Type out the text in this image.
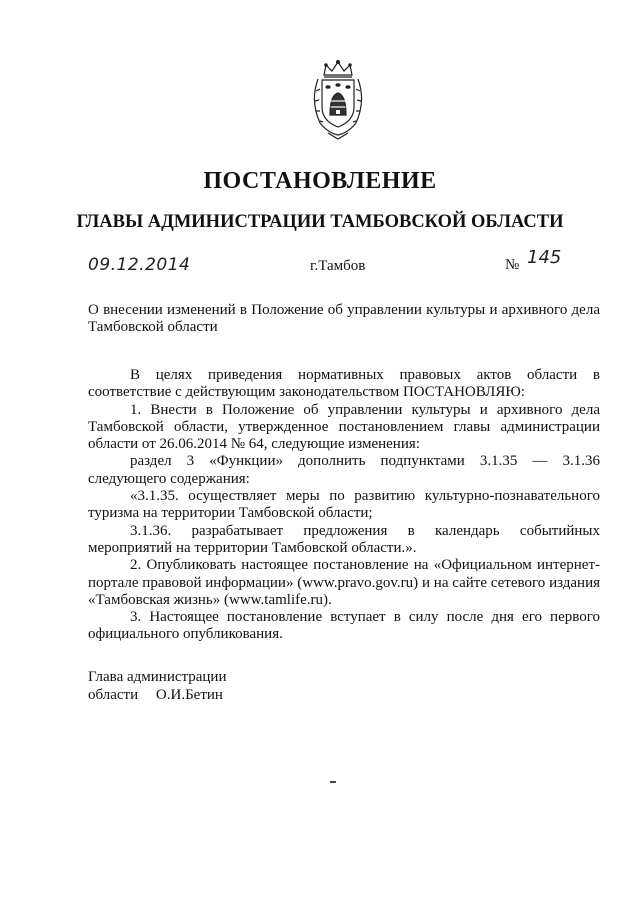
ПОСТАНОВЛЕНИЕ
ГЛАВЫ АДМИНИСТРАЦИИ ТАМБОВСКОЙ ОБЛАСТИ
09.12.2014	г.Тамбов	№ 145
О внесении изменений в Положение об управлении культуры и архивного дела Тамбовской области

В целях приведения нормативных правовых актов области в соответствие с действующим законодательством ПОСТАНОВЛЯЮ:

1. Внести в Положение об управлении культуры и архивного дела Тамбовской области, утвержденное постановлением главы администрации области от 26.06.2014 № 64, следующие изменения:

раздел 3 «Функции» дополнить подпунктами 3.1.35 — 3.1.36 следующего содержания:

«3.1.35. осуществляет меры по развитию культурно-познавательного туризма на территории Тамбовской области;

3.1.36. разрабатывает предложения в календарь событийных мероприятий на территории Тамбовской области.».

2. Опубликовать настоящее постановление на «Официальном интернет-портале правовой информации» (www.pravo.gov.ru) и на сайте сетевого издания «Тамбовская жизнь» (www.tamlife.ru).

3. Настоящее постановление вступает в силу после дня его первого официального опубликования.

Глава администрации
области О.И.Бетин
